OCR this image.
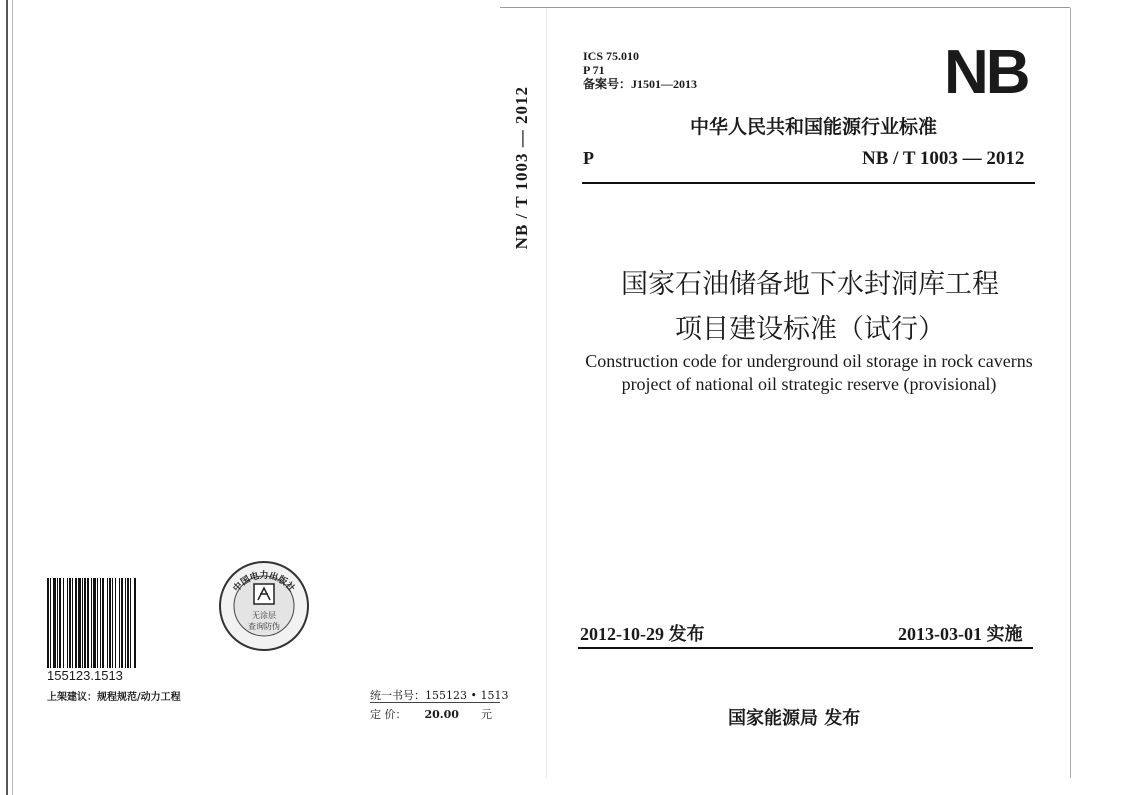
NB / T 1003 — 2012
ICS 75.010
P 71
备案号：J1501—2013	NB
中华人民共和国能源行业标准
P	NB / T 1003 — 2012
国家石油储备地下水封洞库工程
项目建设标准（试行）
Construction code for underground oil storage in rock caverns
project of national oil strategic reserve (provisional)
2012-10-29 发布	2013-03-01 实施
国家能源局 发布
155123.1513
上架建议：规程规范/动力工程
中国电力出版社
无涂层
查询防伪
统一书号：155123 • 1513
定 价： 20.00 元
